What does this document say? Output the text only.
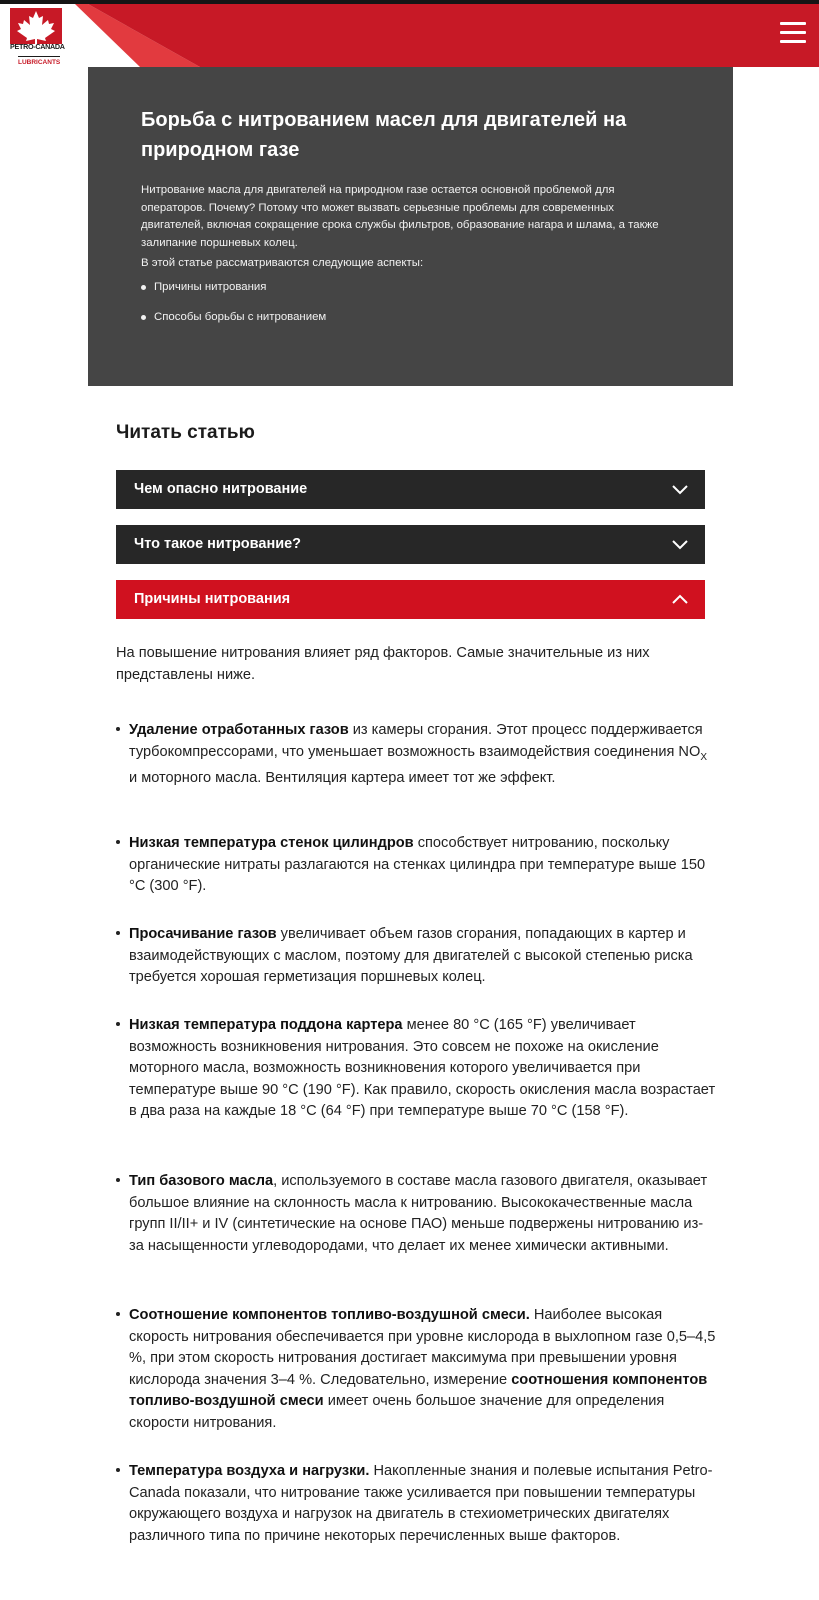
PETRO-CANADA
LUBRICANTS
Борьба с нитрованием масел для двигателей на природном газе

Нитрование масла для двигателей на природном газе остается основной проблемой для операторов. Почему? Потому что может вызвать серьезные проблемы для современных двигателей, включая сокращение срока службы фильтров, образование нагара и шлама, а также залипание поршневых колец.

В этой статье рассматриваются следующие аспекты:

Причины нитрования
Способы борьбы с нитрованием
Читать статью
Чем опасно нитрование
Что такое нитрование?
Причины нитрования

На повышение нитрования влияет ряд факторов. Самые значительные из них представлены ниже.

Удаление отработанных газов из камеры сгорания. Этот процесс поддерживается турбокомпрессорами, что уменьшает возможность взаимодействия соединения $NO_X$ и моторного масла. Вентиляция картера имеет тот же эффект.
Низкая температура стенок цилиндров способствует нитрованию, поскольку органические нитраты разлагаются на стенках цилиндра при температуре выше 150 °С (300 °F).
Просачивание газов увеличивает объем газов сгорания, попадающих в картер и взаимодействующих с маслом, поэтому для двигателей с высокой степенью риска требуется хорошая герметизация поршневых колец.
Низкая температура поддона картера менее 80 °С (165 °F) увеличивает возможность возникновения нитрования. Это совсем не похоже на окисление моторного масла, возможность возникновения которого увеличивается при температуре выше 90 °С (190 °F). Как правило, скорость окисления масла возрастает в два раза на каждые 18 °С (64 °F) при температуре выше 70 °С (158 °F).
Тип базового масла, используемого в составе масла газового двигателя, оказывает большое влияние на склонность масла к нитрованию. Высококачественные масла групп II/II+ и IV (синтетические на основе ПАО) меньше подвержены нитрованию из-за насыщенности углеводородами, что делает их менее химически активными.
Соотношение компонентов топливо-воздушной смеси. Наиболее высокая скорость нитрования обеспечивается при уровне кислорода в выхлопном газе 0,5–4,5 %, при этом скорость нитрования достигает максимума при превышении уровня кислорода значения 3–4 %. Следовательно, измерение соотношения компонентов топливо-воздушной смеси имеет очень большое значение для определения скорости нитрования.
Температура воздуха и нагрузки. Накопленные знания и полевые испытания Petro-Canada показали, что нитрование также усиливается при повышении температуры окружающего воздуха и нагрузок на двигатель в стехиометрических двигателях различного типа по причине некоторых перечисленных выше факторов.
